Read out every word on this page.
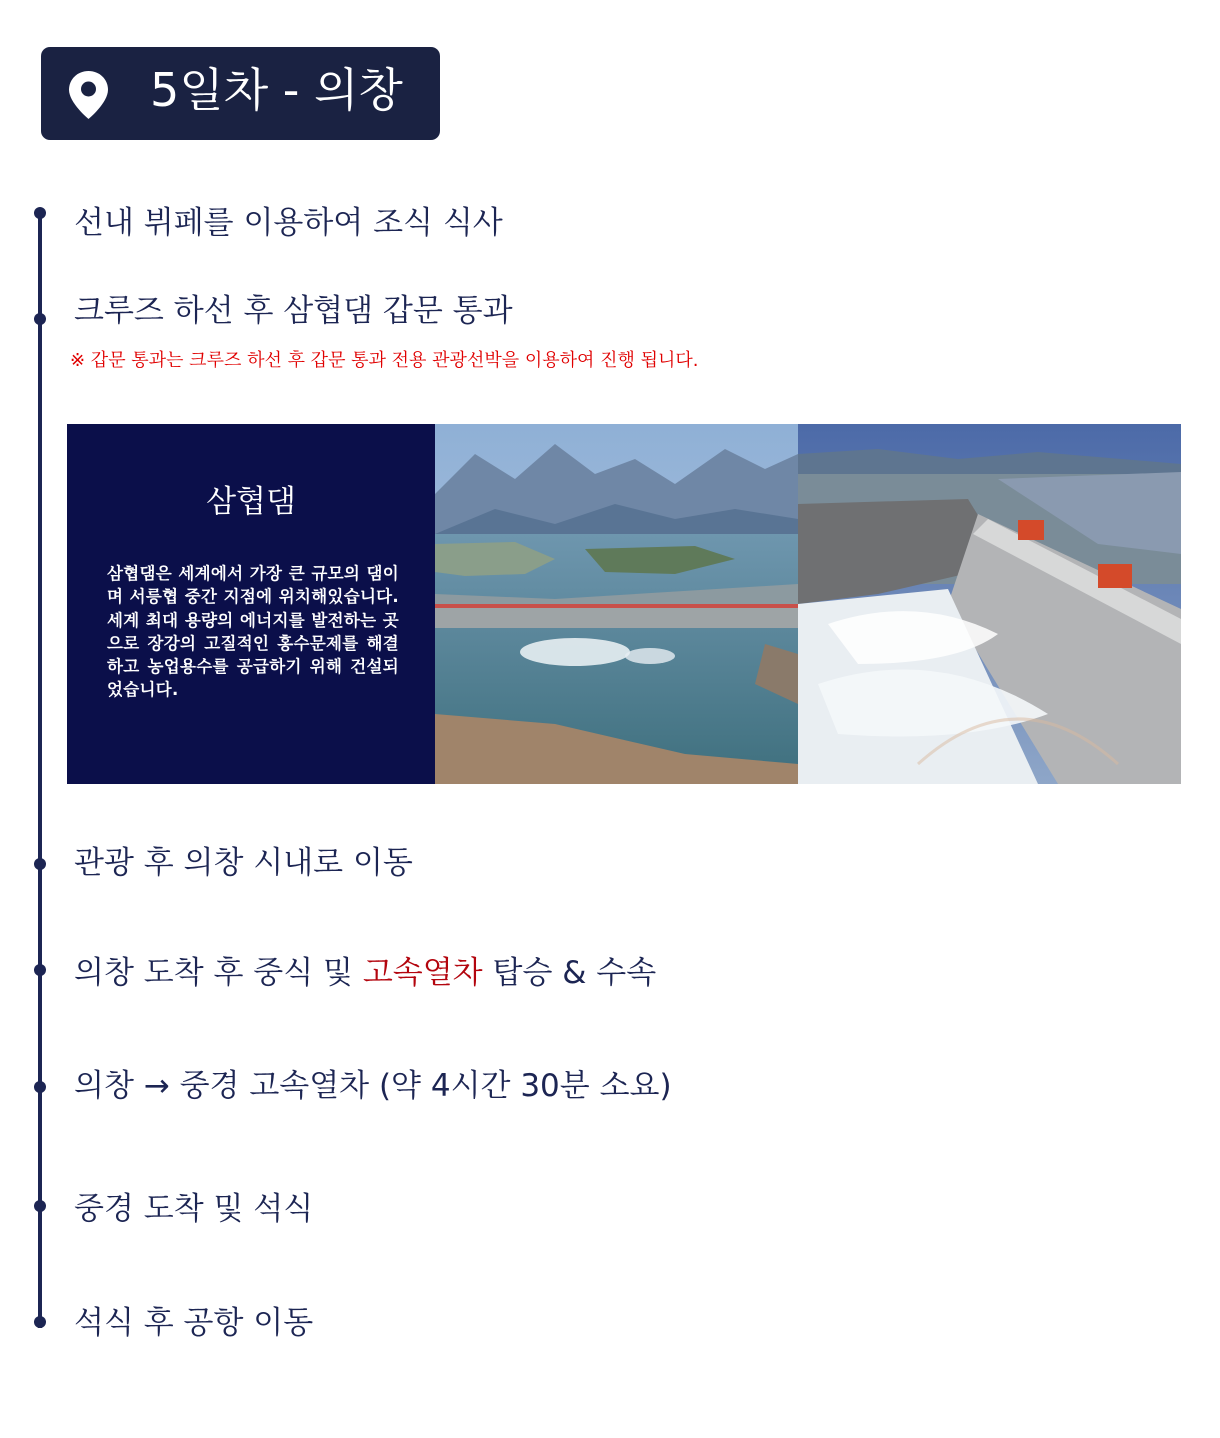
5일차 - 의창
선내 뷔페를 이용하여 조식 식사
크루즈 하선 후 삼협댐 갑문 통과
※ 갑문 통과는 크루즈 하선 후 갑문 통과 전용 관광선박을 이용하여 진행 됩니다.
삼협댐
삼협댐은 세계에서 가장 큰 규모의 댐이며 서릉협 중간 지점에 위치해있습니다. 세계 최대 용량의 에너지를 발전하는 곳으로 장강의 고질적인 홍수문제를 해결하고 농업용수를 공급하기 위해 건설되었습니다.
관광 후 의창 시내로 이동
의창 도착 후 중식 및 고속열차 탑승 & 수속
의창 → 중경 고속열차 (약 4시간 30분 소요)
중경 도착 및 석식
석식 후 공항 이동
